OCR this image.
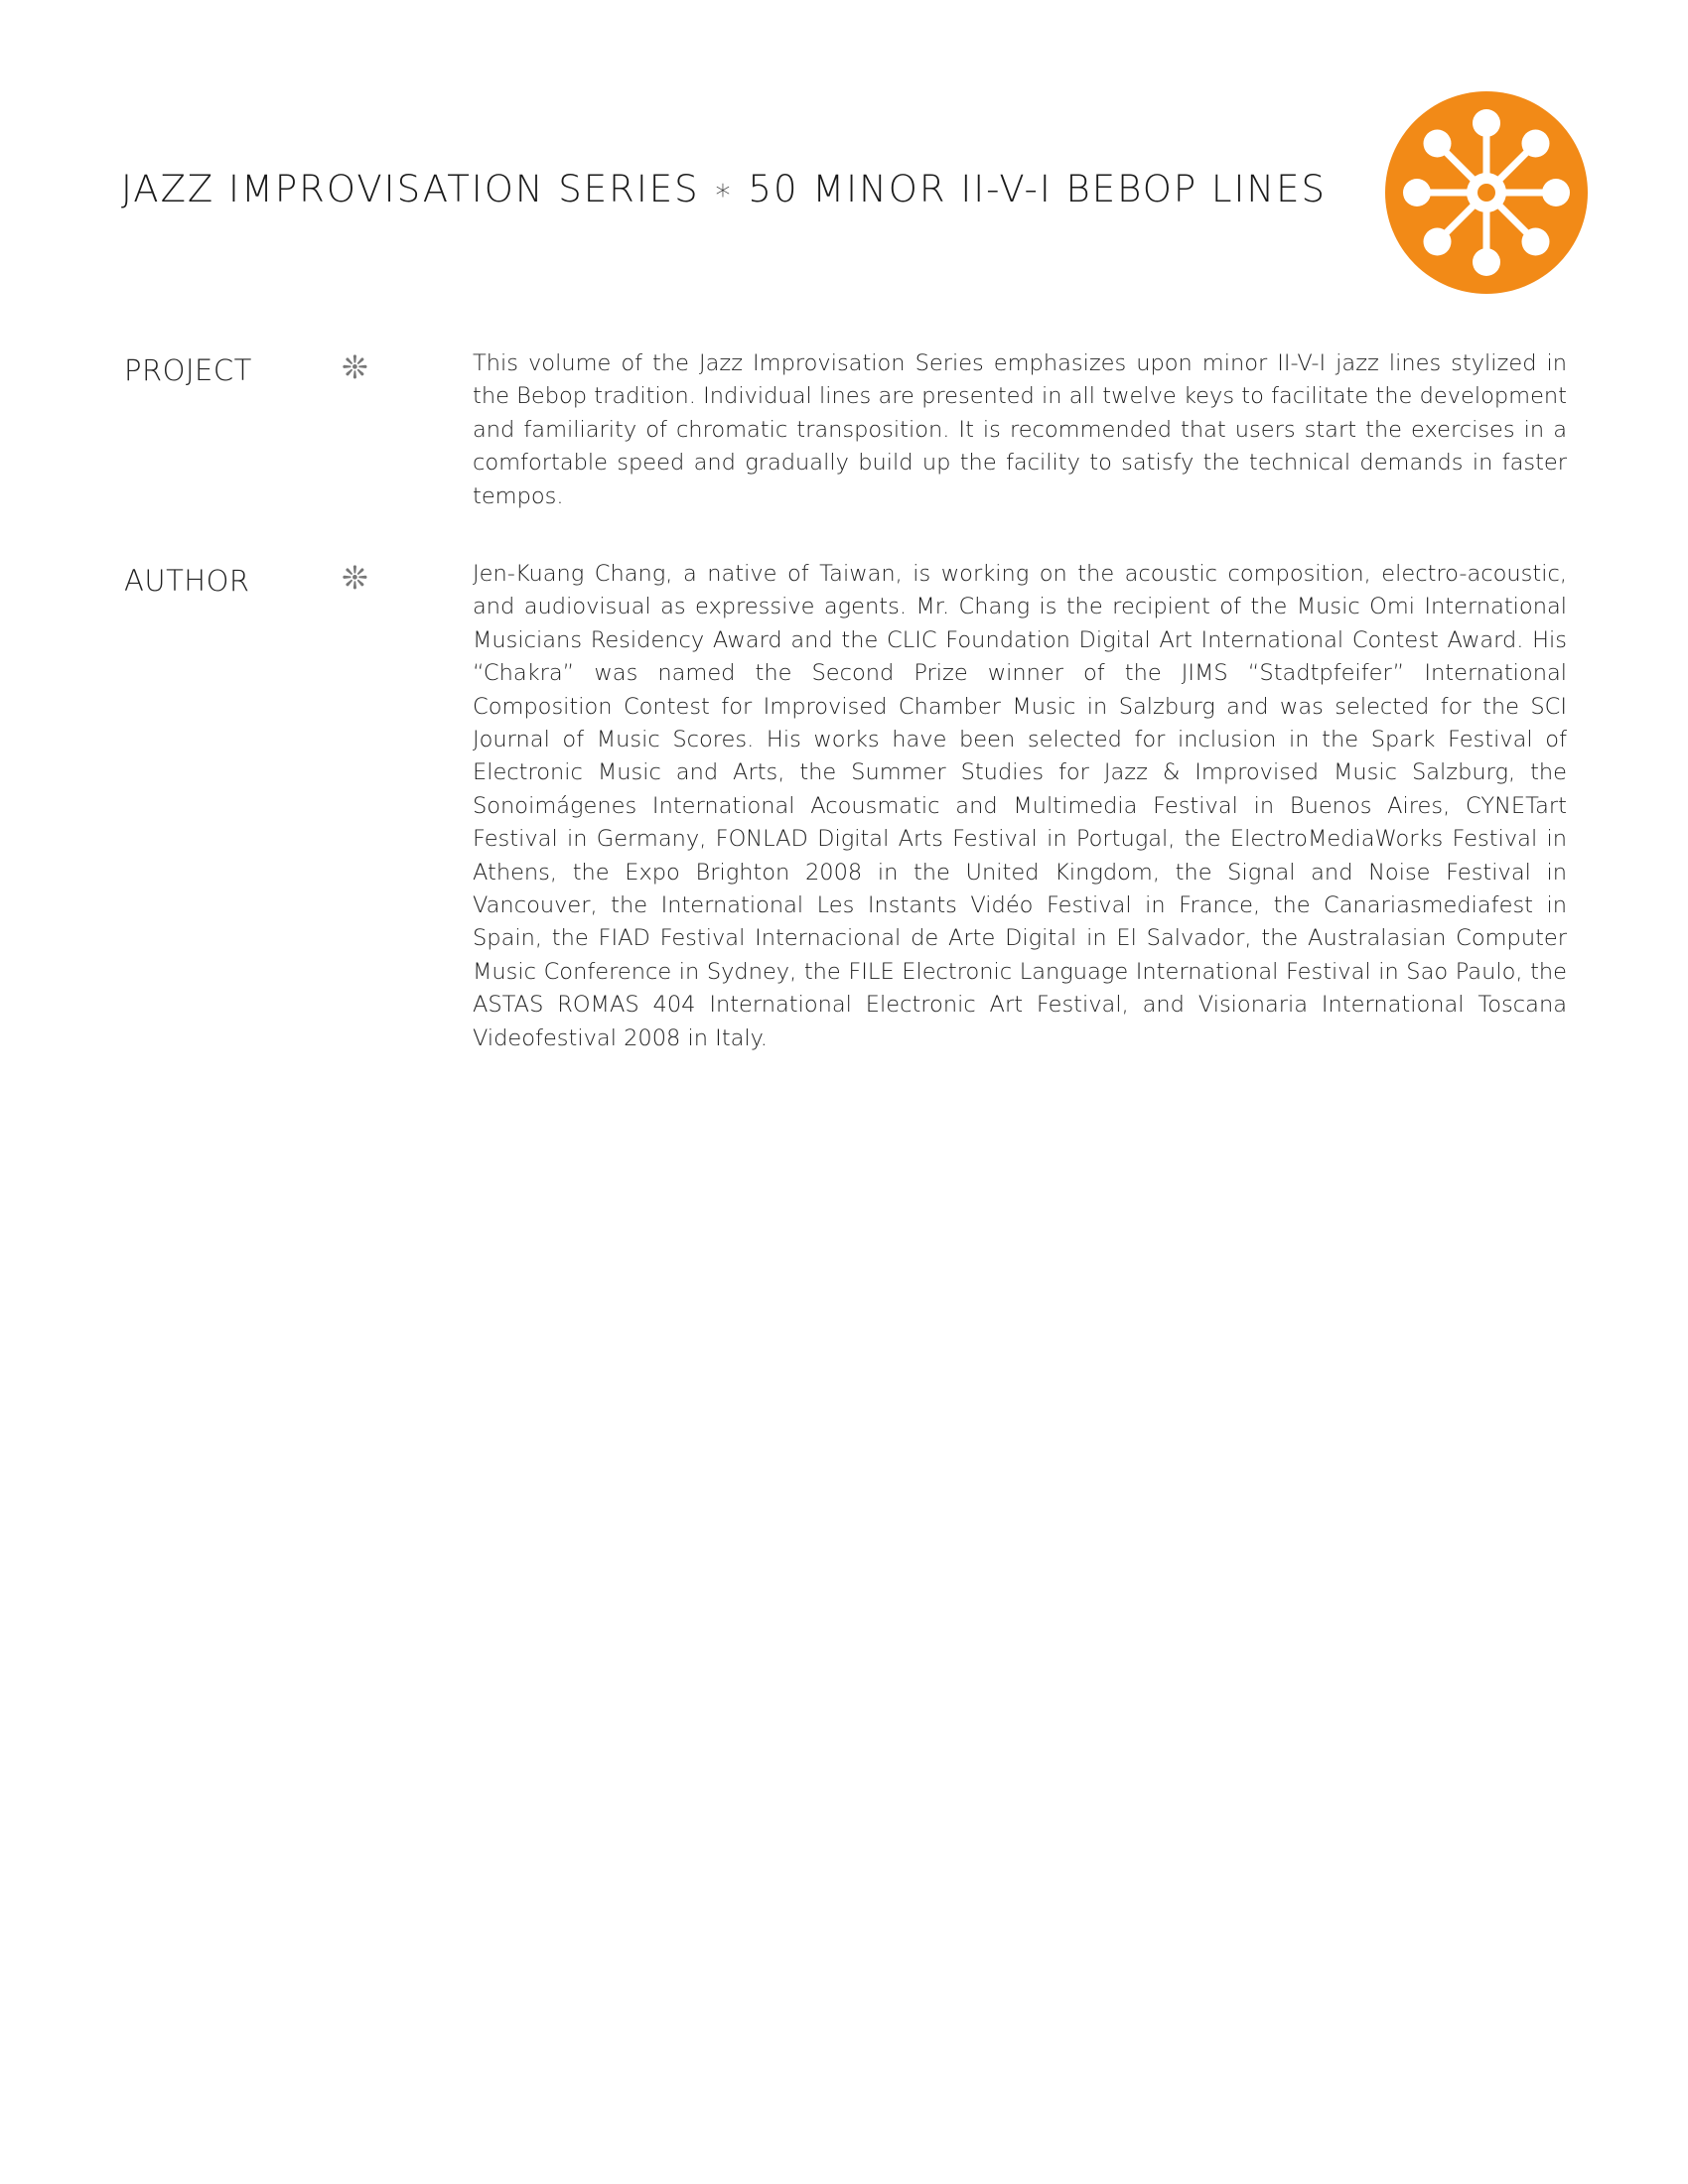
JAZZ IMPROVISATION SERIES ∗ 50 MINOR II-V-I BEBOP LINES
PROJECT	❊	This volume of the Jazz Improvisation Series emphasizes upon minor II-V-I jazz lines stylized in the Bebop tradition. Individual lines are presented in all twelve keys to facilitate the development and familiarity of chromatic transposition. It is recommended that users start the exercises in a comfortable speed and gradually build up the facility to satisfy the technical demands in faster tempos.
AUTHOR	❊	Jen-Kuang Chang, a native of Taiwan, is working on the acoustic composition, electro-acoustic, and audiovisual as expressive agents. Mr. Chang is the recipient of the Music Omi International Musicians Residency Award and the CLIC Foundation Digital Art International Contest Award. His “Chakra” was named the Second Prize winner of the JIMS “Stadtpfeifer” International Composition Contest for Improvised Chamber Music in Salzburg and was selected for the SCI Journal of Music Scores. His works have been selected for inclusion in the Spark Festival of Electronic Music and Arts, the Summer Studies for Jazz & Improvised Music Salzburg, the Sonoimágenes International Acousmatic and Multimedia Festival in Buenos Aires, CYNETart Festival in Germany, FONLAD Digital Arts Festival in Portugal, the ElectroMediaWorks Festival in Athens, the Expo Brighton 2008 in the United Kingdom, the Signal and Noise Festival in Vancouver, the International Les Instants Vidéo Festival in France, the Canariasmediafest in Spain, the FIAD Festival Internacional de Arte Digital in El Salvador, the Australasian Computer Music Conference in Sydney, the FILE Electronic Language International Festival in Sao Paulo, the ASTAS ROMAS 404 International Electronic Art Festival, and Visionaria International Toscana Videofestival 2008 in Italy.
